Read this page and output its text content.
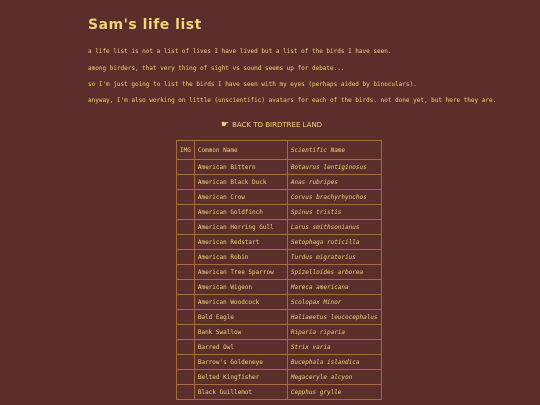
Sam's life list

a life list is not a list of lives I have lived but a list of the birds I have seen.

among birders, that very thing of sight vs sound seems up for debate...

so I'm just going to list the birds I have seen with my eyes (perhaps aided by binoculars).

anyway, I'm also working on little (unscientific) avatars for each of the birds. not done yet, but here they are.

☛ BACK TO BIRDTREE LAND
IMG	Common Name	Scientific Name
	American Bittern	Botaurus lentiginosus
	American Black Duck	Anas rubripes
	American Crow	Corvus brachyrhynchos
	American Goldfinch	Spinus tristis
	American Herring Gull	Larus smithsonianus
	American Redstart	Setophaga ruticilla
	American Robin	Turdus migratorius
	American Tree Sparrow	Spizelloides arborea
	American Wigeon	Mareca americana
	American Woodcock	Scolopax Minor
	Bald Eagle	Haliaeetus leucocephalus
	Bank Swallow	Riparia riparia
	Barred Owl	Strix varia
	Barrow's Goldeneye	Bucephala islandica
	Belted Kingfisher	Megaceryle alcyon
	Black Guillemot	Cepphus grylle
